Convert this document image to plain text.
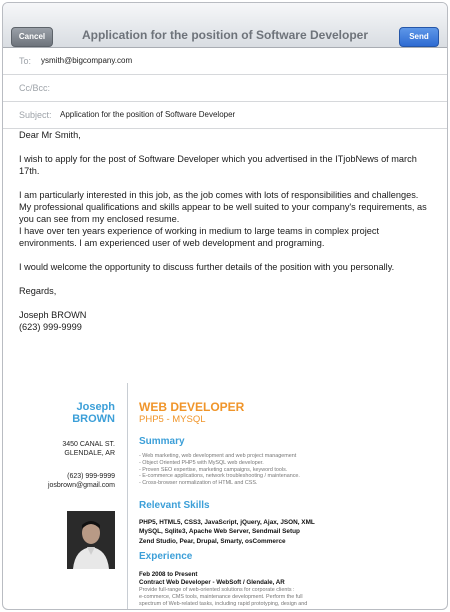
Cancel	Application for the position of Software Developer	Send
To: ysmith@bigcompany.com
Cc/Bcc:
Subject: Application for the position of Software Developer

Dear Mr Smith,

I wish to apply for the post of Software Developer which you advertised in the ITjobNews of march 17th.

I am particularly interested in this job, as the job comes with lots of responsibilities and challenges.

My professional qualifications and skills appear to be well suited to your company's requirements, as you can see from my enclosed resume.

I have over ten years experience of working in medium to large teams in complex project environments. I am experienced user of web development and programing.

I would welcome the opportunity to discuss further details of the position with you personally.

Regards,

Joseph BROWN

(623) 999-9999

Joseph
BROWN
3450 CANAL ST.
GLENDALE, AR
(623) 999-9999
josbrown@gmail.com
WEB DEVELOPER
PHP5 - MYSQL
Summary
- Web marketing, web development and web project management
- Object Oriented PHP5 with MySQL web developer.
- Proven SEO expertise, marketing campaigns, keyword tools.
- E-commerce applications, network troubleshooting / maintenance.
- Cross-browser normalization of HTML and CSS.
Relevant Skills
PHP5, HTML5, CSS3, JavaScript, jQuery, Ajax, JSON, XML
MySQL, Sqlite3, Apache Web Server, Sendmail Setup
Zend Studio, Pear, Drupal, Smarty, osCommerce
Experience
Feb 2008 to Present
Contract Web Developer - WebSoft / Glendale, AR
Provide full-range of web-oriented solutions for corporate clients :
e-commerce, CMS tools, maintenance development. Perform the full
spectrum of Web-related tasks, including rapid prototyping, design and
